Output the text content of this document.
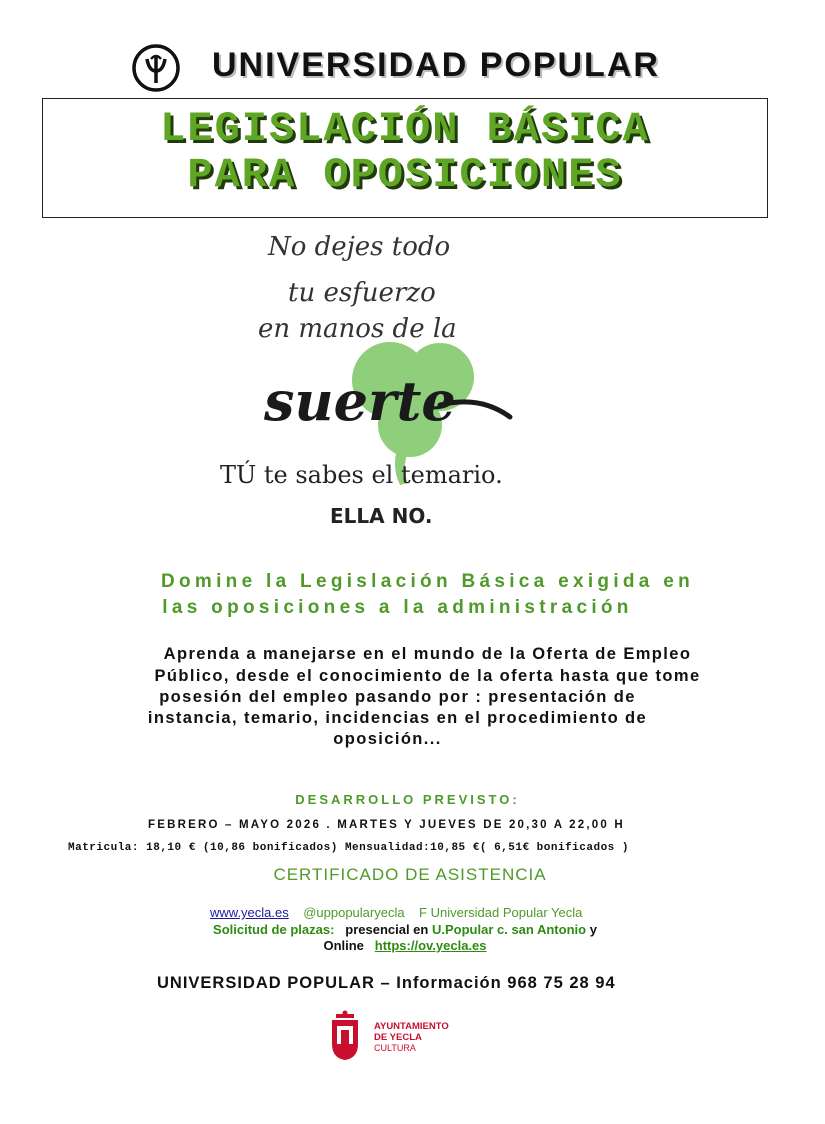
UNIVERSIDAD POPULAR
LEGISLACIÓN BÁSICA
PARA OPOSICIONES
No dejes todo
tu esfuerzo
en manos de la
suerte
TÚ te sabes el temario.
ELLA NO.
Domine la Legislación Básica exigida en
las oposiciones a la administración
Aprenda a manejarse en el mundo de la Oferta de Empleo
Público, desde el conocimiento de la oferta hasta que tome
posesión del empleo pasando por : presentación de
instancia, temario, incidencias en el procedimiento de
oposición...
DESARROLLO PREVISTO:
FEBRERO – MAYO 2026 . MARTES Y JUEVES DE 20,30 A 22,00 H
Matricula: 18,10 € (10,86 bonificados) Mensualidad:10,85 €( 6,51€ bonificados )
CERTIFICADO DE ASISTENCIA
www.yecla.es @uppopularyecla F Universidad Popular Yecla
Solicitud de plazas: presencial en U.Popular c. san Antonio y
Online https://ov.yecla.es
UNIVERSIDAD POPULAR – Información 968 75 28 94
AYUNTAMIENTO
DE YECLA
CULTURA
